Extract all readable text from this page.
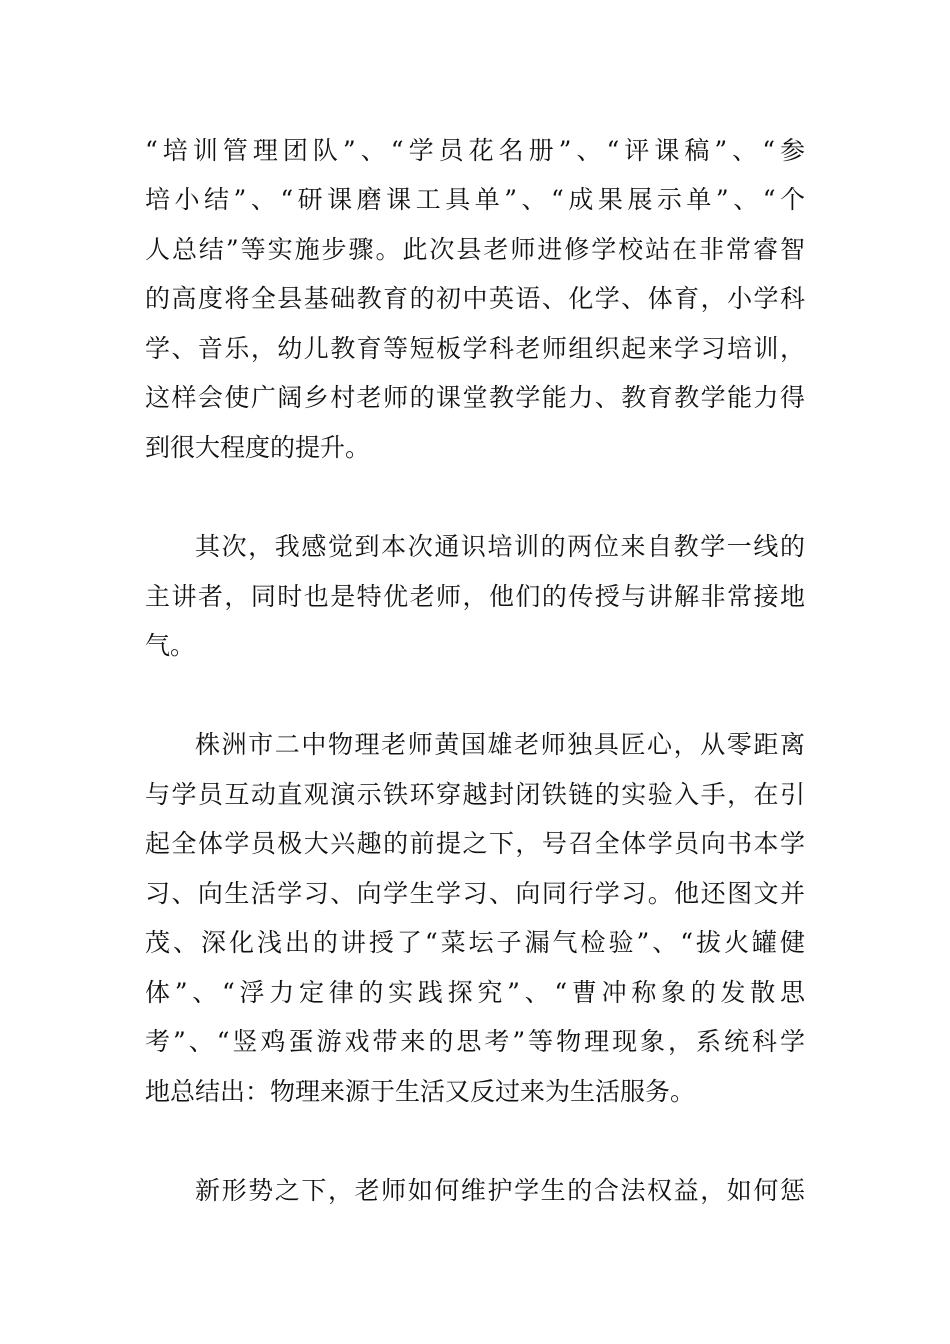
“培训管理团队”、“学员花名册”、“评课稿”、“参
培小结”、“研课磨课工具单”、“成果展示单”、“个
人总结”等实施步骤。此次县老师进修学校站在非常睿智
的高度将全县基础教育的初中英语、化学、体育，小学科
学、音乐，幼儿教育等短板学科老师组织起来学习培训，
这样会使广阔乡村老师的课堂教学能力、教育教学能力得
到很大程度的提升。
其次，我感觉到本次通识培训的两位来自教学一线的
主讲者，同时也是特优老师，他们的传授与讲解非常接地
气。
株洲市二中物理老师黄国雄老师独具匠心，从零距离
与学员互动直观演示铁环穿越封闭铁链的实验入手，在引
起全体学员极大兴趣的前提之下，号召全体学员向书本学
习、向生活学习、向学生学习、向同行学习。他还图文并
茂、深化浅出的讲授了“菜坛子漏气检验”、“拔火罐健
体”、“浮力定律的实践探究”、“曹冲称象的发散思
考”、“竖鸡蛋游戏带来的思考”等物理现象，系统科学
地总结出：物理来源于生活又反过来为生活服务。
新形势之下，老师如何维护学生的合法权益，如何惩
